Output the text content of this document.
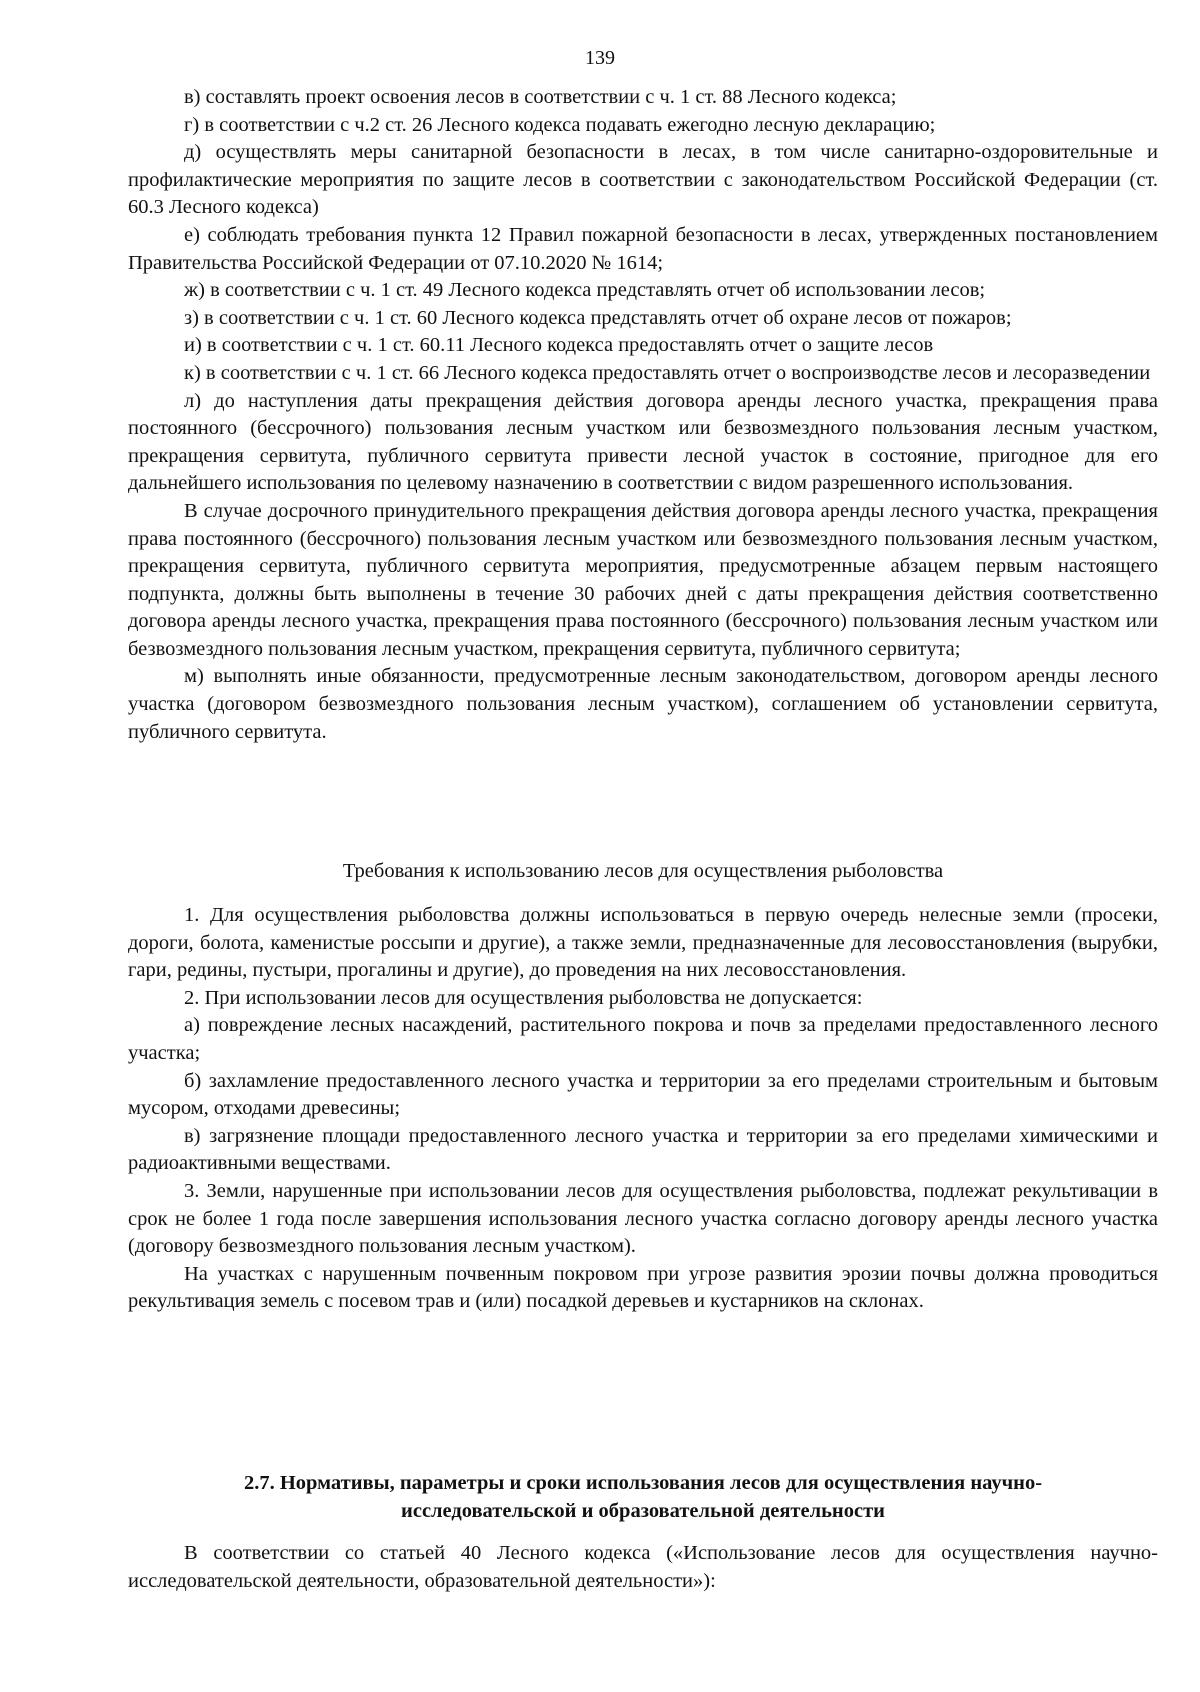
139

в) составлять проект освоения лесов в соответствии с ч. 1 ст. 88 Лесного кодекса;

г) в соответствии с ч.2 ст. 26 Лесного кодекса подавать ежегодно лесную декларацию;

д) осуществлять меры санитарной безопасности в лесах, в том числе санитарно-оздоровительные и профилактические мероприятия по защите лесов в соответствии с законодательством Российской Федерации (ст. 60.3 Лесного кодекса)

е) соблюдать требования пункта 12 Правил пожарной безопасности в лесах, утвержденных постановлением Правительства Российской Федерации от 07.10.2020 № 1614;

ж) в соответствии с ч. 1 ст. 49 Лесного кодекса представлять отчет об использовании лесов;

з) в соответствии с ч. 1 ст. 60 Лесного кодекса представлять отчет об охране лесов от пожаров;

и) в соответствии с ч. 1 ст. 60.11 Лесного кодекса предоставлять отчет о защите лесов

к) в соответствии с ч. 1 ст. 66 Лесного кодекса предоставлять отчет о воспроизводстве лесов и лесоразведении

л) до наступления даты прекращения действия договора аренды лесного участка, прекращения права постоянного (бессрочного) пользования лесным участком или безвозмездного пользования лесным участком, прекращения сервитута, публичного сервитута привести лесной участок в состояние, пригодное для его дальнейшего использования по целевому назначению в соответствии с видом разрешенного использования.

В случае досрочного принудительного прекращения действия договора аренды лесного участка, прекращения права постоянного (бессрочного) пользования лесным участком или безвозмездного пользования лесным участком, прекращения сервитута, публичного сервитута мероприятия, предусмотренные абзацем первым настоящего подпункта, должны быть выполнены в течение 30 рабочих дней с даты прекращения действия соответственно договора аренды лесного участка, прекращения права постоянного (бессрочного) пользования лесным участком или безвозмездного пользования лесным участком, прекращения сервитута, публичного сервитута;

м) выполнять иные обязанности, предусмотренные лесным законодательством, договором аренды лесного участка (договором безвозмездного пользования лесным участком), соглашением об установлении сервитута, публичного сервитута.

Требования к использованию лесов для осуществления рыболовства

1. Для осуществления рыболовства должны использоваться в первую очередь нелесные земли (просеки, дороги, болота, каменистые россыпи и другие), а также земли, предназначенные для лесовосстановления (вырубки, гари, редины, пустыри, прогалины и другие), до проведения на них лесовосстановления.

2. При использовании лесов для осуществления рыболовства не допускается:

а) повреждение лесных насаждений, растительного покрова и почв за пределами предоставленного лесного участка;

б) захламление предоставленного лесного участка и территории за его пределами строительным и бытовым мусором, отходами древесины;

в) загрязнение площади предоставленного лесного участка и территории за его пределами химическими и радиоактивными веществами.

3. Земли, нарушенные при использовании лесов для осуществления рыболовства, подлежат рекультивации в срок не более 1 года после завершения использования лесного участка согласно договору аренды лесного участка (договору безвозмездного пользования лесным участком).

На участках с нарушенным почвенным покровом при угрозе развития эрозии почвы должна проводиться рекультивация земель с посевом трав и (или) посадкой деревьев и кустарников на склонах.

2.7. Нормативы, параметры и сроки использования лесов для осуществления научно-
исследовательской и образовательной деятельности

В соответствии со статьей 40 Лесного кодекса («Использование лесов для осуществления научно-исследовательской деятельности, образовательной деятельности»):
